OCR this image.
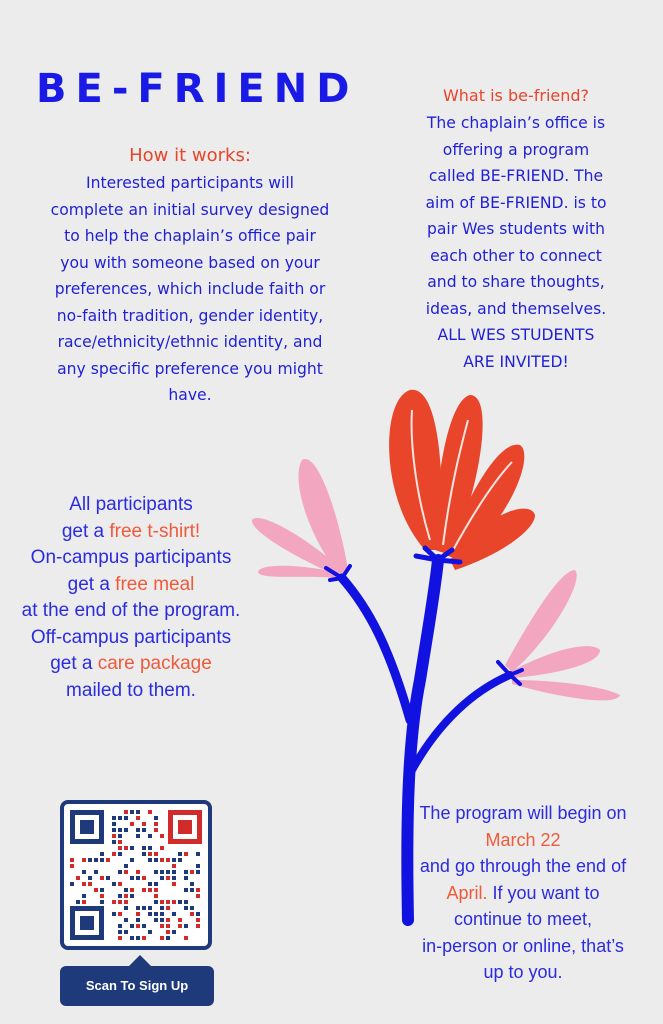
BE-FRIEND
How it works:
Interested participants will
complete an initial survey designed
to help the chaplain’s office pair
you with someone based on your
preferences, which include faith or
no-faith tradition, gender identity,
race/ethnicity/ethnic identity, and
any specific preference you might
have.
What is be-friend?
The chaplain’s office is
offering a program
called BE-FRIEND. The
aim of BE-FRIEND. is to
pair Wes students with
each other to connect
and to share thoughts,
ideas, and themselves.
ALL WES STUDENTS
ARE INVITED!
All participants
get a free t-shirt!
On-campus participants
get a free meal
at the end of the program.
Off-campus participants
get a care package
mailed to them.
The program will begin on
March 22
and go through the end of
April. If you want to
continue to meet,
in-person or online, that’s
up to you.
Scan To Sign Up
